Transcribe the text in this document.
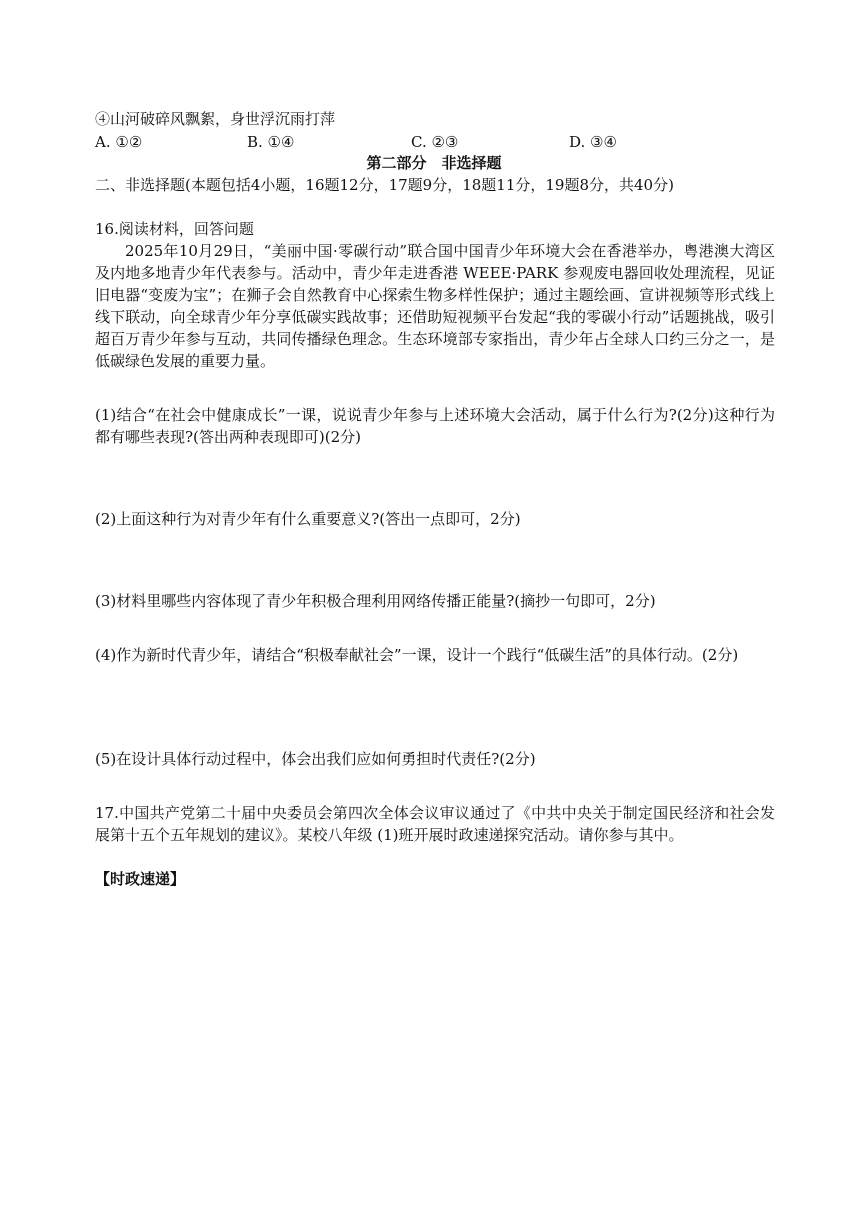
④山河破碎风飘絮，身世浮沉雨打萍
A. ①②	B. ①④	C. ②③	D. ③④
第二部分　非选择题
二、非选择题(本题包括4小题，16题12分，17题9分，18题11分，19题8分，共40分)
16.阅读材料，回答问题
2025年10月29日，“美丽中国·零碳行动”联合国中国青少年环境大会在香港举办，粤港澳大湾区及内地多地青少年代表参与。活动中，青少年走进香港 WEEE·PARK 参观废电器回收处理流程，见证旧电器“变废为宝”；在狮子会自然教育中心探索生物多样性保护；通过主题绘画、宣讲视频等形式线上线下联动，向全球青少年分享低碳实践故事；还借助短视频平台发起“我的零碳小行动”话题挑战，吸引超百万青少年参与互动，共同传播绿色理念。生态环境部专家指出，青少年占全球人口约三分之一，是低碳绿色发展的重要力量。
(1)结合“在社会中健康成长”一课，说说青少年参与上述环境大会活动，属于什么行为?(2分)这种行为都有哪些表现?(答出两种表现即可)(2分)
(2)上面这种行为对青少年有什么重要意义?(答出一点即可，2分)
(3)材料里哪些内容体现了青少年积极合理利用网络传播正能量?(摘抄一句即可，2分)
(4)作为新时代青少年，请结合“积极奉献社会”一课，设计一个践行“低碳生活”的具体行动。(2分)
(5)在设计具体行动过程中，体会出我们应如何勇担时代责任?(2分)
17.中国共产党第二十届中央委员会第四次全体会议审议通过了《中共中央关于制定国民经济和社会发展第十五个五年规划的建议》。某校八年级 (1)班开展时政速递探究活动。请你参与其中。
【时政速递】
